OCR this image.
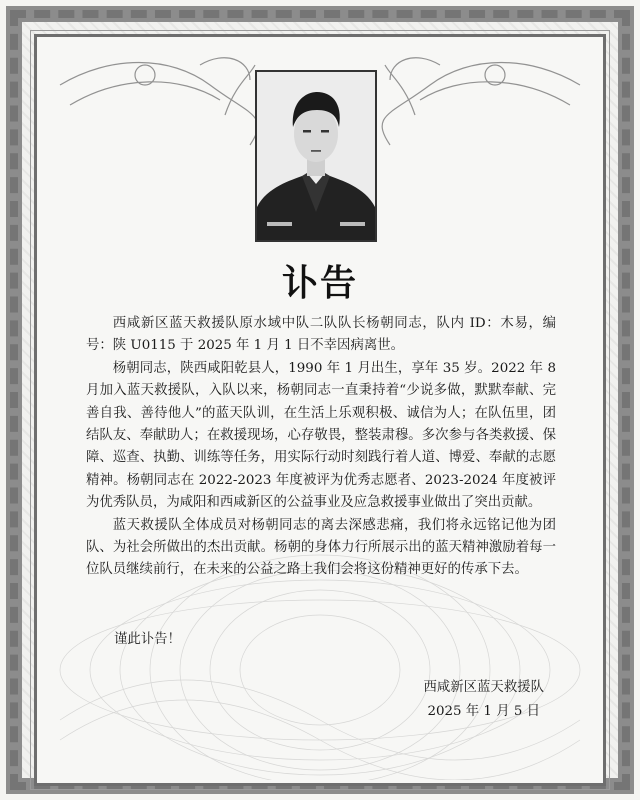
讣告

西咸新区蓝天救援队原水域中队二队队长杨朝同志，队内 ID：木易，编号：陕 U0115 于 2025 年 1 月 1 日不幸因病离世。

杨朝同志，陕西咸阳乾县人，1990 年 1 月出生，享年 35 岁。2022 年 8 月加入蓝天救援队，入队以来，杨朝同志一直秉持着“少说多做，默默奉献、完善自我、善待他人”的蓝天队训，在生活上乐观积极、诚信为人；在队伍里，团结队友、奉献助人；在救援现场，心存敬畏，整装肃穆。多次参与各类救援、保障、巡查、执勤、训练等任务，用实际行动时刻践行着人道、博爱、奉献的志愿精神。杨朝同志在 2022-2023 年度被评为优秀志愿者、2023-2024 年度被评为优秀队员，为咸阳和西咸新区的公益事业及应急救援事业做出了突出贡献。

蓝天救援队全体成员对杨朝同志的离去深感悲痛，我们将永远铭记他为团队、为社会所做出的杰出贡献。杨朝的身体力行所展示出的蓝天精神激励着每一位队员继续前行，在未来的公益之路上我们会将这份精神更好的传承下去。

谨此讣告！
西咸新区蓝天救援队
2025 年 1 月 5 日
